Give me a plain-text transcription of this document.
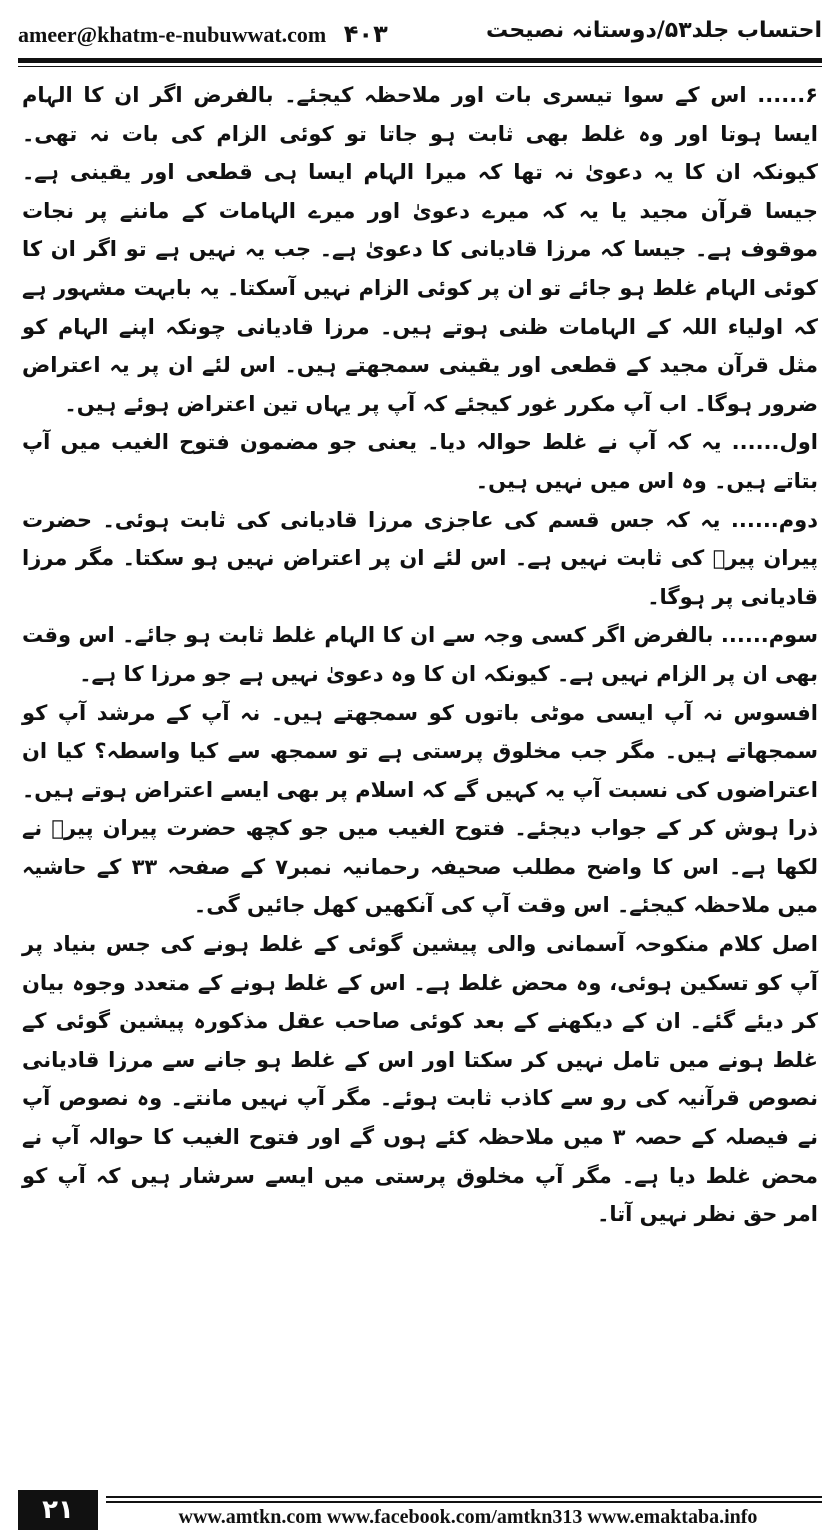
ameer@khatm-e-nubuwwat.com ۴۰۳	احتساب جلد۵۳/دوستانہ نصیحت

۶...... اس کے سوا تیسری بات اور ملاحظہ کیجئے۔ بالفرض اگر ان کا الہام ایسا ہوتا اور وہ غلط بھی ثابت ہو جاتا تو کوئی الزام کی بات نہ تھی۔ کیونکہ ان کا یہ دعویٰ نہ تھا کہ میرا الہام ایسا ہی قطعی اور یقینی ہے۔ جیسا قرآن مجید یا یہ کہ میرے دعویٰ اور میرے الہامات کے ماننے پر نجات موقوف ہے۔ جیسا کہ مرزا قادیانی کا دعویٰ ہے۔ جب یہ نہیں ہے تو اگر ان کا کوئی الہام غلط ہو جائے تو ان پر کوئی الزام نہیں آسکتا۔ یہ بابہت مشہور ہے کہ اولیاء اللہ کے الہامات ظنی ہوتے ہیں۔ مرزا قادیانی چونکہ اپنے الہام کو مثل قرآن مجید کے قطعی اور یقینی سمجھتے ہیں۔ اس لئے ان پر یہ اعتراض ضرور ہوگا۔ اب آپ مکرر غور کیجئے کہ آپ پر یہاں تین اعتراض ہوئے ہیں۔

اول...... یہ کہ آپ نے غلط حوالہ دیا۔ یعنی جو مضمون فتوح الغیب میں آپ بتاتے ہیں۔ وہ اس میں نہیں ہیں۔

دوم...... یہ کہ جس قسم کی عاجزی مرزا قادیانی کی ثابت ہوئی۔ حضرت پیران پیرؒ کی ثابت نہیں ہے۔ اس لئے ان پر اعتراض نہیں ہو سکتا۔ مگر مرزا قادیانی پر ہوگا۔

سوم...... بالفرض اگر کسی وجہ سے ان کا الہام غلط ثابت ہو جائے۔ اس وقت بھی ان پر الزام نہیں ہے۔ کیونکہ ان کا وہ دعویٰ نہیں ہے جو مرزا کا ہے۔

افسوس نہ آپ ایسی موٹی باتوں کو سمجھتے ہیں۔ نہ آپ کے مرشد آپ کو سمجھاتے ہیں۔ مگر جب مخلوق پرستی ہے تو سمجھ سے کیا واسطہ؟ کیا ان اعتراضوں کی نسبت آپ یہ کہیں گے کہ اسلام پر بھی ایسے اعتراض ہوتے ہیں۔ ذرا ہوش کر کے جواب دیجئے۔ فتوح الغیب میں جو کچھ حضرت پیران پیرؒ نے لکھا ہے۔ اس کا واضح مطلب صحیفہ رحمانیہ نمبر۷ کے صفحہ ۳۳ کے حاشیہ میں ملاحظہ کیجئے۔ اس وقت آپ کی آنکھیں کھل جائیں گی۔

اصل کلام منکوحہ آسمانی والی پیشین گوئی کے غلط ہونے کی جس بنیاد پر آپ کو تسکین ہوئی، وہ محض غلط ہے۔ اس کے غلط ہونے کے متعدد وجوہ بیان کر دیئے گئے۔ ان کے دیکھنے کے بعد کوئی صاحب عقل مذکورہ پیشین گوئی کے غلط ہونے میں تامل نہیں کر سکتا اور اس کے غلط ہو جانے سے مرزا قادیانی نصوص قرآنیہ کی رو سے کاذب ثابت ہوئے۔ مگر آپ نہیں مانتے۔ وہ نصوص آپ نے فیصلہ کے حصہ ۳ میں ملاحظہ کئے ہوں گے اور فتوح الغیب کا حوالہ آپ نے محض غلط دیا ہے۔ مگر آپ مخلوق پرستی میں ایسے سرشار ہیں کہ آپ کو امر حق نظر نہیں آتا۔

۲۱	www.amtkn.com www.facebook.com/amtkn313 www.emaktaba.info
